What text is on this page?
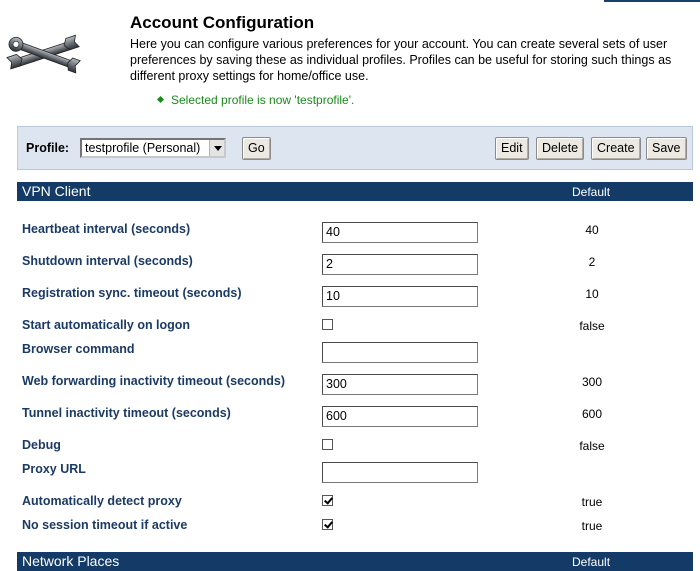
Account Configuration
Here you can configure various preferences for your account. You can create several sets of user preferences by saving these as individual profiles. Profiles can be useful for storing such things as different proxy settings for home/office use.
Selected profile is now 'testprofile'.
Profile:	testprofile (Personal)	Go	Edit	Delete	Create	Save
VPN Client	Default
Heartbeat interval (seconds)	40	40
Shutdown interval (seconds)	2	2
Registration sync. timeout (seconds)	10	10
Start automatically on logon	false
Browser command
Web forwarding inactivity timeout (seconds)	300	300
Tunnel inactivity timeout (seconds)	600	600
Debug	false
Proxy URL
Automatically detect proxy	true
No session timeout if active	true
Network Places	Default
